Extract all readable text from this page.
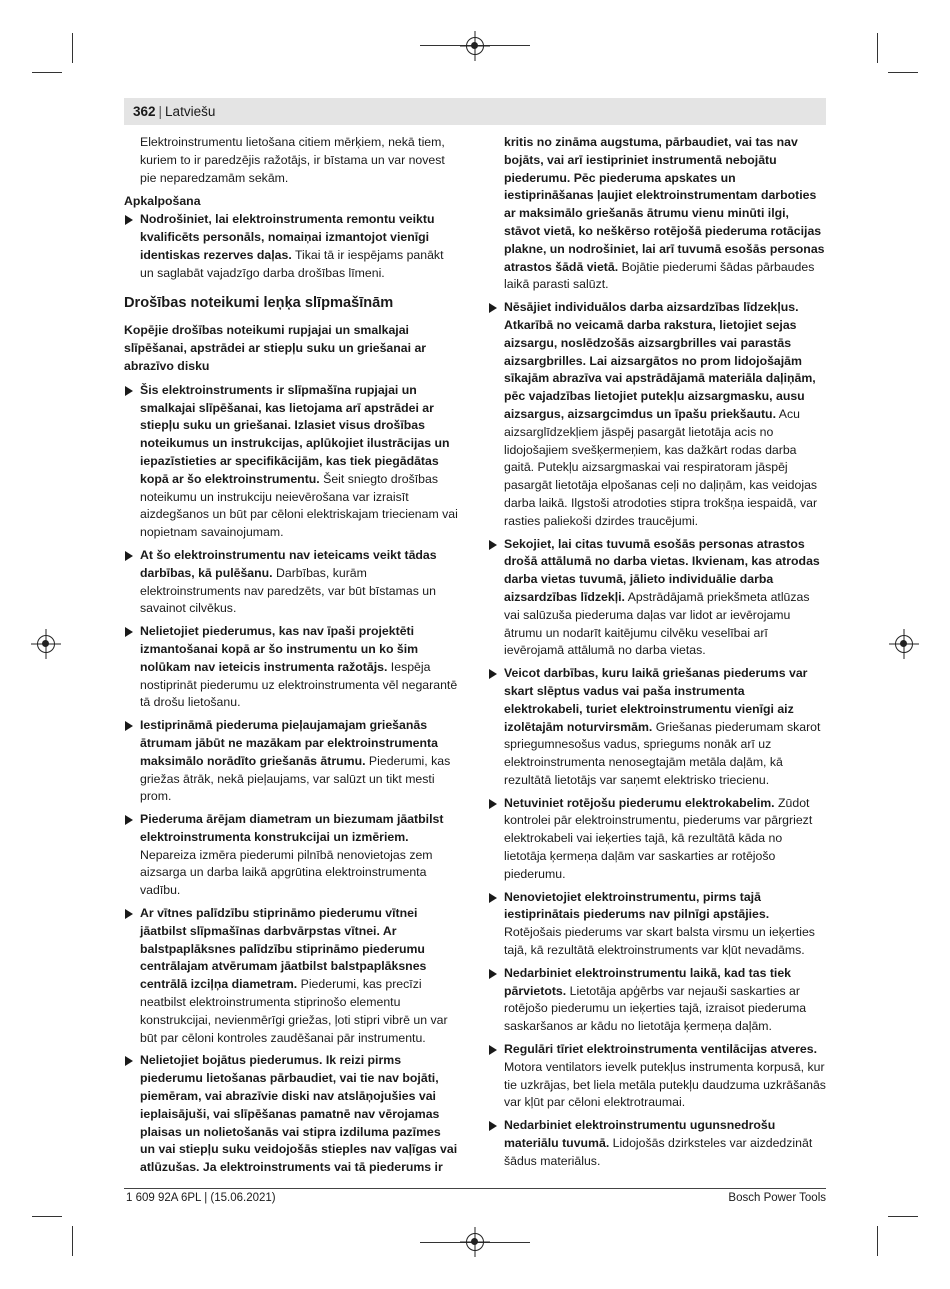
362 | Latviešu

Elektroinstrumentu lietošana citiem mērķiem, nekā tiem, kuriem to ir paredzējis ražotājs, ir bīstama un var novest pie neparedzamām sekām.

Apkalpošana

Nodrošiniet, lai elektroinstrumenta remontu veiktu kvalificēts personāls, nomaiņai izmantojot vienīgi identiskas rezerves daļas. Tikai tā ir iespējams panākt un saglabāt vajadzīgo darba drošības līmeni.
Drošības noteikumi leņķa slīpmašīnām
Kopējie drošības noteikumi rupjajai un smalkajai slīpēšanai, apstrādei ar stiepļu suku un griešanai ar abrazīvo disku
Šis elektroinstruments ir slīpmašīna rupjajai un smalkajai slīpēšanai, kas lietojama arī apstrādei ar stiepļu suku un griešanai. Izlasiet visus drošības noteikumus un instrukcijas, aplūkojiet ilustrācijas un iepazīstieties ar specifikācijām, kas tiek piegādātas kopā ar šo elektroinstrumentu. Šeit sniegto drošības noteikumu un instrukciju neievērošana var izraisīt aizdegšanos un būt par cēloni elektriskajam triecienam vai nopietnam savainojumam.
At šo elektroinstrumentu nav ieteicams veikt tādas darbības, kā pulēšanu. Darbības, kurām elektroinstruments nav paredzēts, var būt bīstamas un savainot cilvēkus.
Nelietojiet piederumus, kas nav īpaši projektēti izmantošanai kopā ar šo instrumentu un ko šim nolūkam nav ieteicis instrumenta ražotājs. Iespēja nostiprināt piederumu uz elektroinstrumenta vēl negarantē tā drošu lietošanu.
Iestiprināmā piederuma pieļaujamajam griešanās ātrumam jābūt ne mazākam par elektroinstrumenta maksimālo norādīto griešanās ātrumu. Piederumi, kas griežas ātrāk, nekā pieļaujams, var salūzt un tikt mesti prom.
Piederuma ārējam diametram un biezumam jāatbilst elektroinstrumenta konstrukcijai un izmēriem. Nepareiza izmēra piederumi pilnībā nenovietojas zem aizsarga un darba laikā apgrūtina elektroinstrumenta vadību.
Ar vītnes palīdzību stiprināmo piederumu vītnei jāatbilst slīpmašīnas darbvārpstas vītnei. Ar balstpaplāksnes palīdzību stiprināmo piederumu centrālajam atvērumam jāatbilst balstpaplāksnes centrālā izciļņa diametram. Piederumi, kas precīzi neatbilst elektroinstrumenta stiprinošo elementu konstrukcijai, nevienmērīgi griežas, ļoti stipri vibrē un var būt par cēloni kontroles zaudēšanai pār instrumentu.
Nelietojiet bojātus piederumus. Ik reizi pirms piederumu lietošanas pārbaudiet, vai tie nav bojāti, piemēram, vai abrazīvie diski nav atslāņojušies vai ieplaisājuši, vai slīpēšanas pamatnē nav vērojamas plaisas un nolietošanās vai stipra izdiluma pazīmes un vai stiepļu suku veidojošās stieples nav vaļīgas vai atlūzušas. Ja elektroinstruments vai tā piederums ir

kritis no zināma augstuma, pārbaudiet, vai tas nav bojāts, vai arī iestipriniet instrumentā nebojātu piederumu. Pēc piederuma apskates un iestiprināšanas ļaujiet elektroinstrumentam darboties ar maksimālo griešanās ātrumu vienu minūti ilgi, stāvot vietā, ko neškērso rotējošā piederuma rotācijas plakne, un nodrošiniet, lai arī tuvumā esošās personas atrastos šādā vietā. Bojātie piederumi šādas pārbaudes laikā parasti salūzt.

Nēsājiet individuālos darba aizsardzības līdzekļus. Atkarībā no veicamā darba rakstura, lietojiet sejas aizsargu, noslēdzošās aizsargbrilles vai parastās aizsargbrilles. Lai aizsargātos no prom lidojošajām sīkajām abrazīva vai apstrādājamā materiāla daļiņām, pēc vajadzības lietojiet putekļu aizsargmasku, ausu aizsargus, aizsargcimdus un īpašu priekšautu. Acu aizsarglīdzekļiem jāspēj pasargāt lietotāja acis no lidojošajiem svešķermeņiem, kas dažkārt rodas darba gaitā. Putekļu aizsargmaskai vai respiratoram jāspēj pasargāt lietotāja elpošanas ceļi no daļiņām, kas veidojas darba laikā. Ilgstoši atrodoties stipra trokšņa iespaidā, var rasties paliekoši dzirdes traucējumi.
Sekojiet, lai citas tuvumā esošās personas atrastos drošā attālumā no darba vietas. Ikvienam, kas atrodas darba vietas tuvumā, jālieto individuālie darba aizsardzības līdzekļi. Apstrādājamā priekšmeta atlūzas vai salūzuša piederuma daļas var lidot ar ievērojamu ātrumu un nodarīt kaitējumu cilvēku veselībai arī ievērojamā attālumā no darba vietas.
Veicot darbības, kuru laikā griešanas piederums var skart slēptus vadus vai paša instrumenta elektrokabeli, turiet elektroinstrumentu vienīgi aiz izolētajām noturvirsmām. Griešanas piederumam skarot spriegumnesošus vadus, spriegums nonāk arī uz elektroinstrumenta nenosegtajām metāla daļām, kā rezultātā lietotājs var saņemt elektrisko triecienu.
Netuviniet rotējošu piederumu elektrokabelim. Zūdot kontrolei pār elektroinstrumentu, piederums var pārgriezt elektrokabeli vai ieķerties tajā, kā rezultātā kāda no lietotāja ķermeņa daļām var saskarties ar rotējošo piederumu.
Nenovietojiet elektroinstrumentu, pirms tajā iestiprinātais piederums nav pilnīgi apstājies. Rotējošais piederums var skart balsta virsmu un ieķerties tajā, kā rezultātā elektroinstruments var kļūt nevadāms.
Nedarbiniet elektroinstrumentu laikā, kad tas tiek pārvietots. Lietotāja apģērbs var nejauši saskarties ar rotējošo piederumu un ieķerties tajā, izraisot piederuma saskaršanos ar kādu no lietotāja ķermeņa daļām.
Regulāri tīriet elektroinstrumenta ventilācijas atveres. Motora ventilators ievelk putekļus instrumenta korpusā, kur tie uzkrājas, bet liela metāla putekļu daudzuma uzkrāšanās var kļūt par cēloni elektrotraumai.
Nedarbiniet elektroinstrumentu ugunsnedrošu materiālu tuvumā. Lidojošās dzirksteles var aizdedzināt šādus materiālus.
1 609 92A 6PL | (15.06.2021)	Bosch Power Tools
